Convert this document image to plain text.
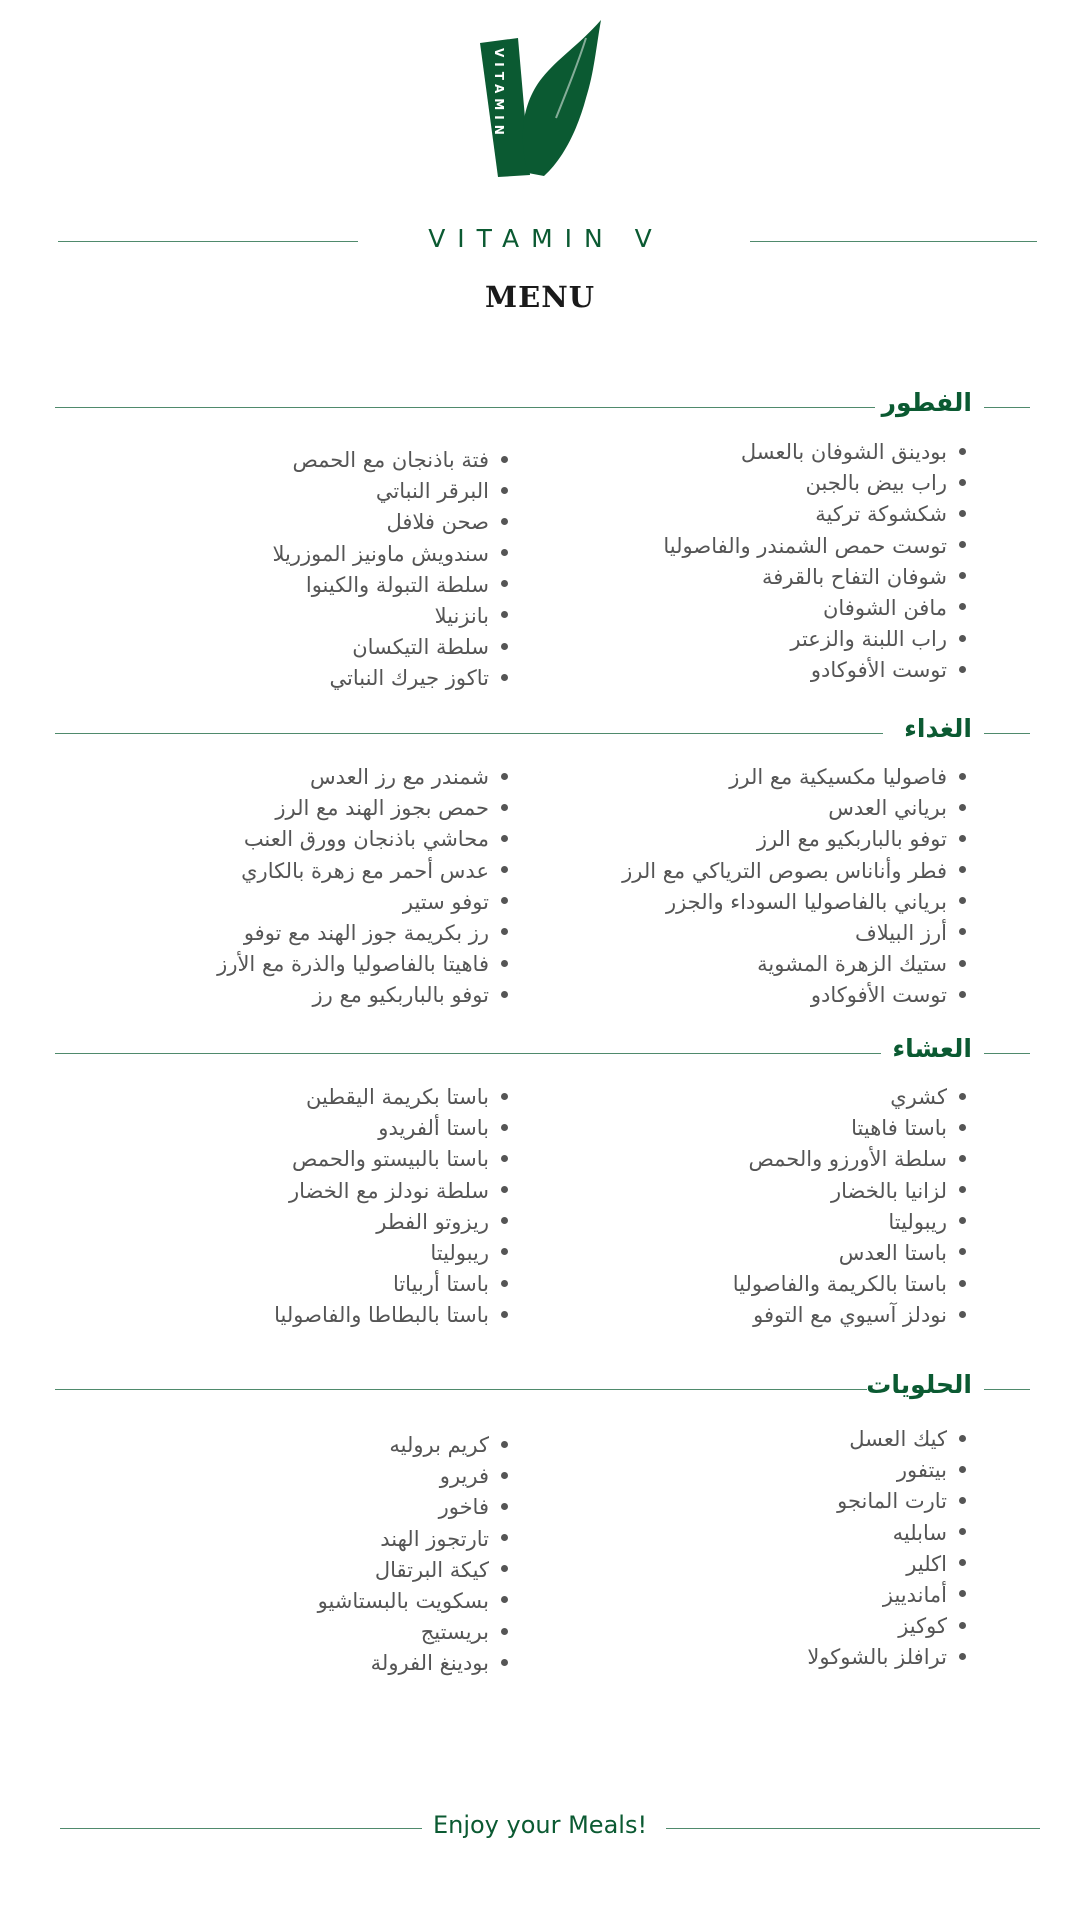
VITAMIN
VITAMIN V
MENU
الفطور
بودينق الشوفان بالعسل
راب بيض بالجبن
شكشوكة تركية
توست حمص الشمندر والفاصوليا
شوفان التفاح بالقرفة
مافن الشوفان
راب اللبنة والزعتر
توست الأفوكادو
فتة باذنجان مع الحمص
البرقر النباتي
صحن فلافل
سندويش ماونيز الموزريلا
سلطة التبولة والكينوا
بانزنيلا
سلطة التيكسان
تاكوز جيرك النباتي
الغداء
فاصوليا مكسيكية مع الرز
برياني العدس
توفو بالباربكيو مع الرز
فطر وأناناس بصوص الترياكي مع الرز
برياني بالفاصوليا السوداء والجزر
أرز البيلاف
ستيك الزهرة المشوية
توست الأفوكادو
شمندر مع رز العدس
حمص بجوز الهند مع الرز
محاشي باذنجان وورق العنب
عدس أحمر مع زهرة بالكاري
توفو ستير
رز بكريمة جوز الهند مع توفو
فاهيتا بالفاصوليا والذرة مع الأرز
توفو بالباربكيو مع رز
العشاء
كشري
باستا فاهيتا
سلطة الأورزو والحمص
لزانيا بالخضار
ريبوليتا
باستا العدس
باستا بالكريمة والفاصوليا
نودلز آسيوي مع التوفو
باستا بكريمة اليقطين
باستا ألفريدو
باستا بالبيستو والحمص
سلطة نودلز مع الخضار
ريزوتو الفطر
ريبوليتا
باستا أربياتا
باستا بالبطاطا والفاصوليا
الحلويات
كيك العسل
بيتفور
تارت المانجو
سابليه
اكلير
أماندييز
كوكيز
ترافلز بالشوكولا
كريم بروليه
فريرو
فاخور
تارتجوز الهند
كيكة البرتقال
بسكويت بالبستاشيو
بريستيج
بودينغ الفرولة
Enjoy your Meals!
